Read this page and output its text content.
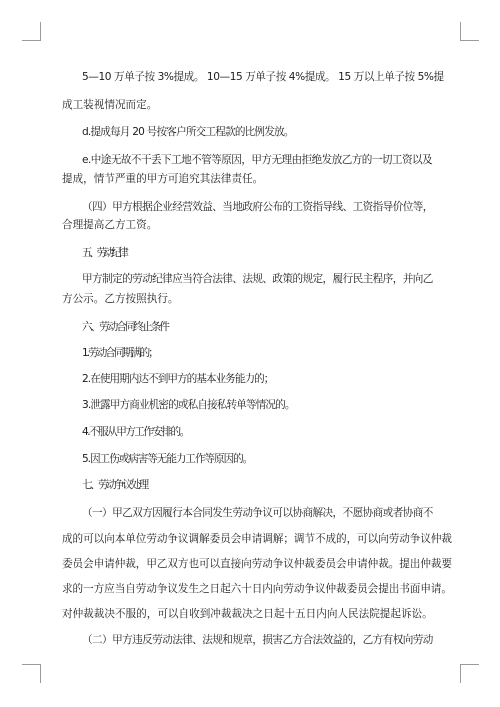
5—10 万单子按 3%提成。 10—15 万单子按 4%提成。 15 万以上单子按 5%提
成工装视情况而定。
d.提成每月 20 号按客户所交工程款的比例发放。
e.中途无故不干丢下工地不管等原因，甲方无理由拒绝发放乙方的一切工资以及
提成，情节严重的甲方可追究其法律责任。
（四）甲方根据企业经营效益、当地政府公布的工资指导线、工资指导价位等，
合理提高乙方工资。
五、劳动纪律
甲方制定的劳动纪律应当符合法律、法规、政策的规定，履行民主程序，并向乙
方公示。乙方按照执行。
六、劳动合同终止条件
1.劳动合同期满的；
2.在使用期内达不到甲方的基本业务能力的；
3.泄露甲方商业机密的或私自接私转单等情况的。
4.不服从甲方工作安排的。
5.因工伤或病害等无能力工作等原因的。
七、劳动争议处理
（一）甲乙双方因履行本合同发生劳动争议可以协商解决，不愿协商或者协商不
成的可以向本单位劳动争议调解委员会申请调解；调节不成的，可以向劳动争议仲裁
委员会申请仲裁，甲乙双方也可以直接向劳动争议仲裁委员会申请仲裁。提出仲裁要
求的一方应当自劳动争议发生之日起六十日内向劳动争议仲裁委员会提出书面申请。
对仲裁裁决不服的，可以自收到冲裁裁决之日起十五日内向人民法院提起诉讼。
（二）甲方违反劳动法律、法规和规章，损害乙方合法效益的，乙方有权向劳动
